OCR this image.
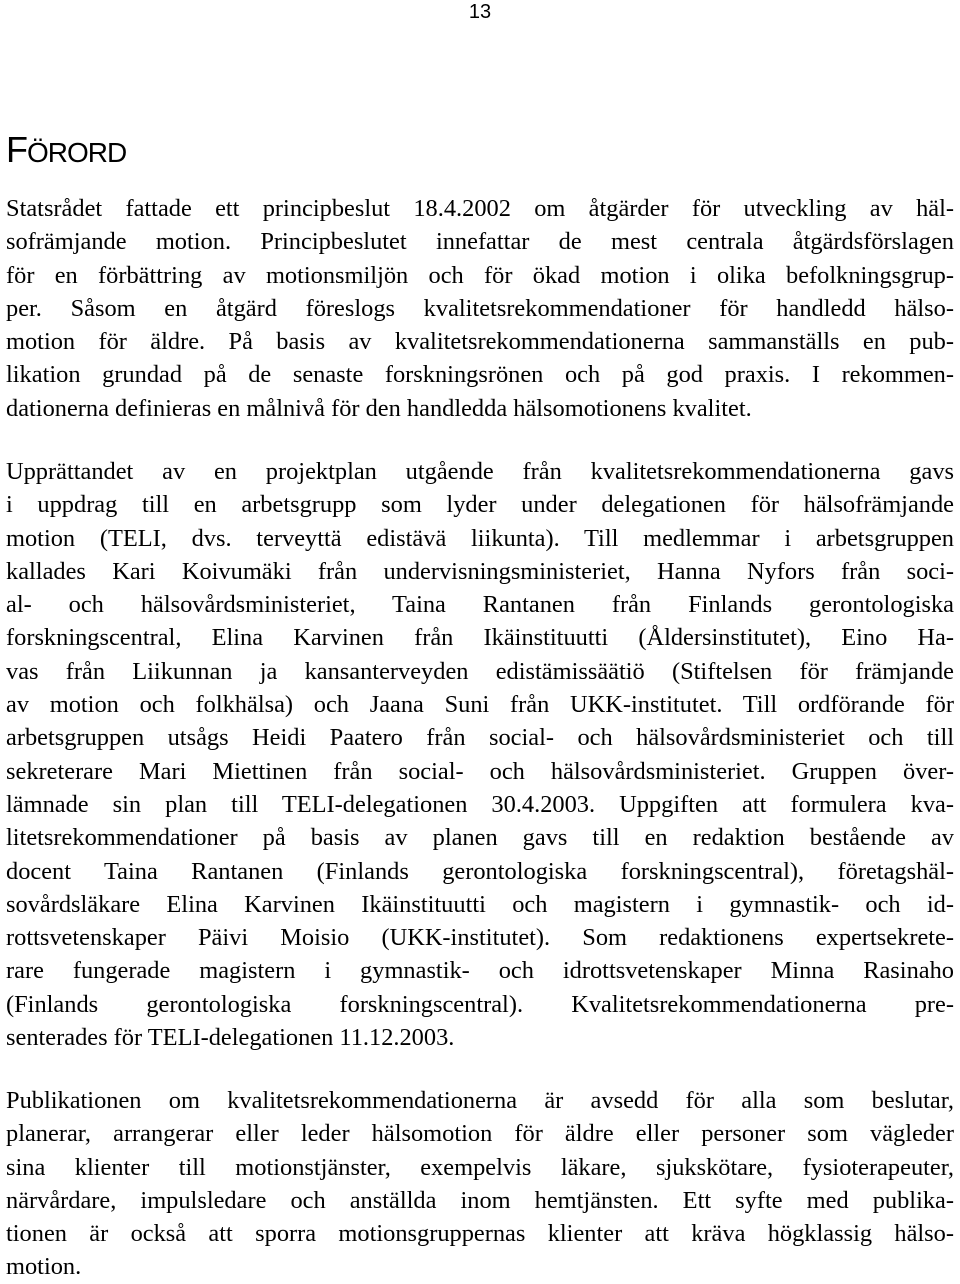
13
FÖRORD

Statsrådet fattade ett principbeslut 18.4.2002 om åtgärder för utveckling av häl-
sofrämjande motion. Principbeslutet innefattar de mest centrala åtgärdsförslagen
för en förbättring av motionsmiljön och för ökad motion i olika befolkningsgrup-
per. Såsom en åtgärd föreslogs kvalitetsrekommendationer för handledd hälso-
motion för äldre. På basis av kvalitetsrekommendationerna sammanställs en pub-
likation grundad på de senaste forskningsrönen och på god praxis. I rekommen-
dationerna definieras en målnivå för den handledda hälsomotionens kvalitet.

Upprättandet av en projektplan utgående från kvalitetsrekommendationerna gavs
i uppdrag till en arbetsgrupp som lyder under delegationen för hälsofrämjande
motion (TELI, dvs. terveyttä edistävä liikunta). Till medlemmar i arbetsgruppen
kallades Kari Koivumäki från undervisningsministeriet, Hanna Nyfors från soci-
al- och hälsovårdsministeriet, Taina Rantanen från Finlands gerontologiska
forskningscentral, Elina Karvinen från Ikäinstituutti (Åldersinstitutet), Eino Ha-
vas från Liikunnan ja kansanterveyden edistämissäätiö (Stiftelsen för främjande
av motion och folkhälsa) och Jaana Suni från UKK-institutet. Till ordförande för
arbetsgruppen utsågs Heidi Paatero från social- och hälsovårdsministeriet och till
sekreterare Mari Miettinen från social- och hälsovårdsministeriet. Gruppen över-
lämnade sin plan till TELI-delegationen 30.4.2003. Uppgiften att formulera kva-
litetsrekommendationer på basis av planen gavs till en redaktion bestående av
docent Taina Rantanen (Finlands gerontologiska forskningscentral), företagshäl-
sovårdsläkare Elina Karvinen Ikäinstituutti och magistern i gymnastik- och id-
rottsvetenskaper Päivi Moisio (UKK-institutet). Som redaktionens expertsekrete-
rare fungerade magistern i gymnastik- och idrottsvetenskaper Minna Rasinaho
(Finlands gerontologiska forskningscentral). Kvalitetsrekommendationerna pre-
senterades för TELI-delegationen 11.12.2003.

Publikationen om kvalitetsrekommendationerna är avsedd för alla som beslutar,
planerar, arrangerar eller leder hälsomotion för äldre eller personer som vägleder
sina klienter till motionstjänster, exempelvis läkare, sjukskötare, fysioterapeuter,
närvårdare, impulsledare och anställda inom hemtjänsten. Ett syfte med publika-
tionen är också att sporra motionsgruppernas klienter att kräva högklassig hälso-
motion.
